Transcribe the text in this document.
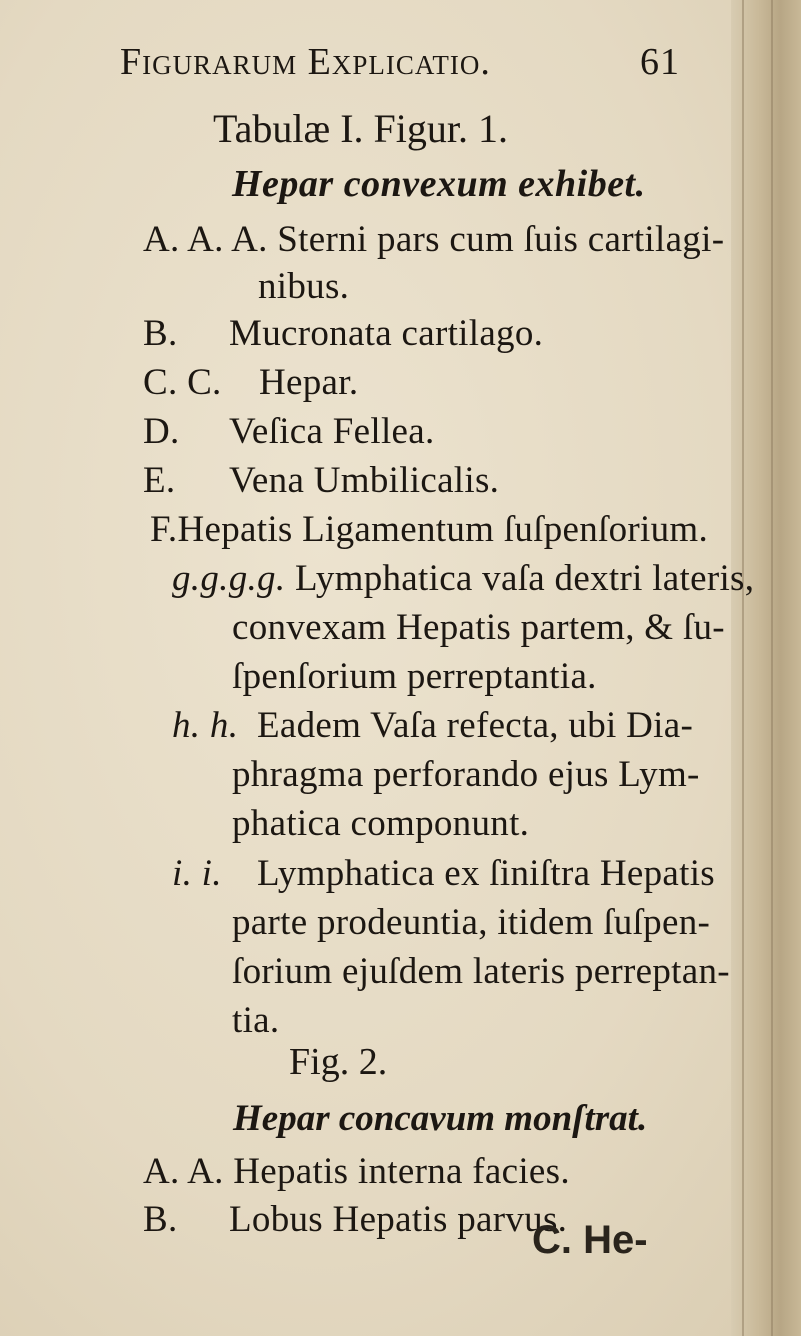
Figurarum Explicatio.	61
Tabulæ I. Figur. 1.
Hepar convexum exhibet.
A. A. A. Sterni pars cum ſuis cartilagi-
nibus.
B. Mucronata cartilago.
C. C. Hepar.
D. Veſica Fellea.
E. Vena Umbilicalis.
F.Hepatis Ligamentum ſuſpenſorium.
g.g.g.g. Lymphatica vaſa dextri lateris,
convexam Hepatis partem, & ſu-
ſpenſorium perreptantia.
h. h. Eadem Vaſa refecta, ubi Dia-
phragma perforando ejus Lym-
phatica componunt.
i. i. Lymphatica ex ſiniſtra Hepatis
parte prodeuntia, itidem ſuſpen-
ſorium ejuſdem lateris perreptan-
tia.
Fig. 2.
Hepar concavum monſtrat.
A. A. Hepatis interna facies.
B. Lobus Hepatis parvus.
C. He-
